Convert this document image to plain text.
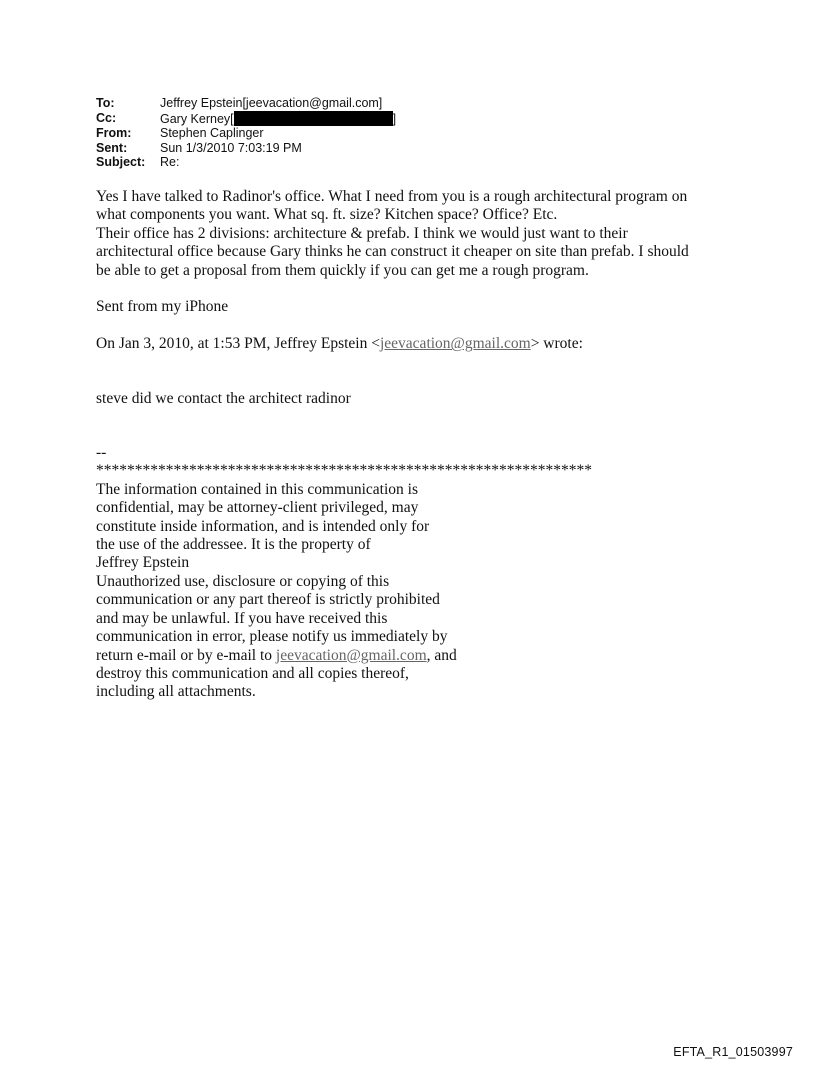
To:	Jeffrey Epstein[jeevacation@gmail.com]
Cc:	Gary Kerney[	]
From:	Stephen Caplinger
Sent:	Sun 1/3/2010 7:03:19 PM
Subject:	Re:

Yes I have talked to Radinor's office. What I need from you is a rough architectural program on
what components you want. What sq. ft. size? Kitchen space? Office? Etc.
Their office has 2 divisions: architecture & prefab. I think we would just want to their
architectural office because Gary thinks he can construct it cheaper on site than prefab. I should
be able to get a proposal from them quickly if you can get me a rough program.

Sent from my iPhone

On Jan 3, 2010, at 1:53 PM, Jeffrey Epstein <jeevacation@gmail.com> wrote:

steve did we contact the architect radinor

--

****************************************************************

The information contained in this communication is
confidential, may be attorney-client privileged, may
constitute inside information, and is intended only for
the use of the addressee. It is the property of
Jeffrey Epstein
Unauthorized use, disclosure or copying of this
communication or any part thereof is strictly prohibited
and may be unlawful. If you have received this
communication in error, please notify us immediately by
return e-mail or by e-mail to jeevacation@gmail.com, and
destroy this communication and all copies thereof,
including all attachments.

EFTA_R1_01503997
